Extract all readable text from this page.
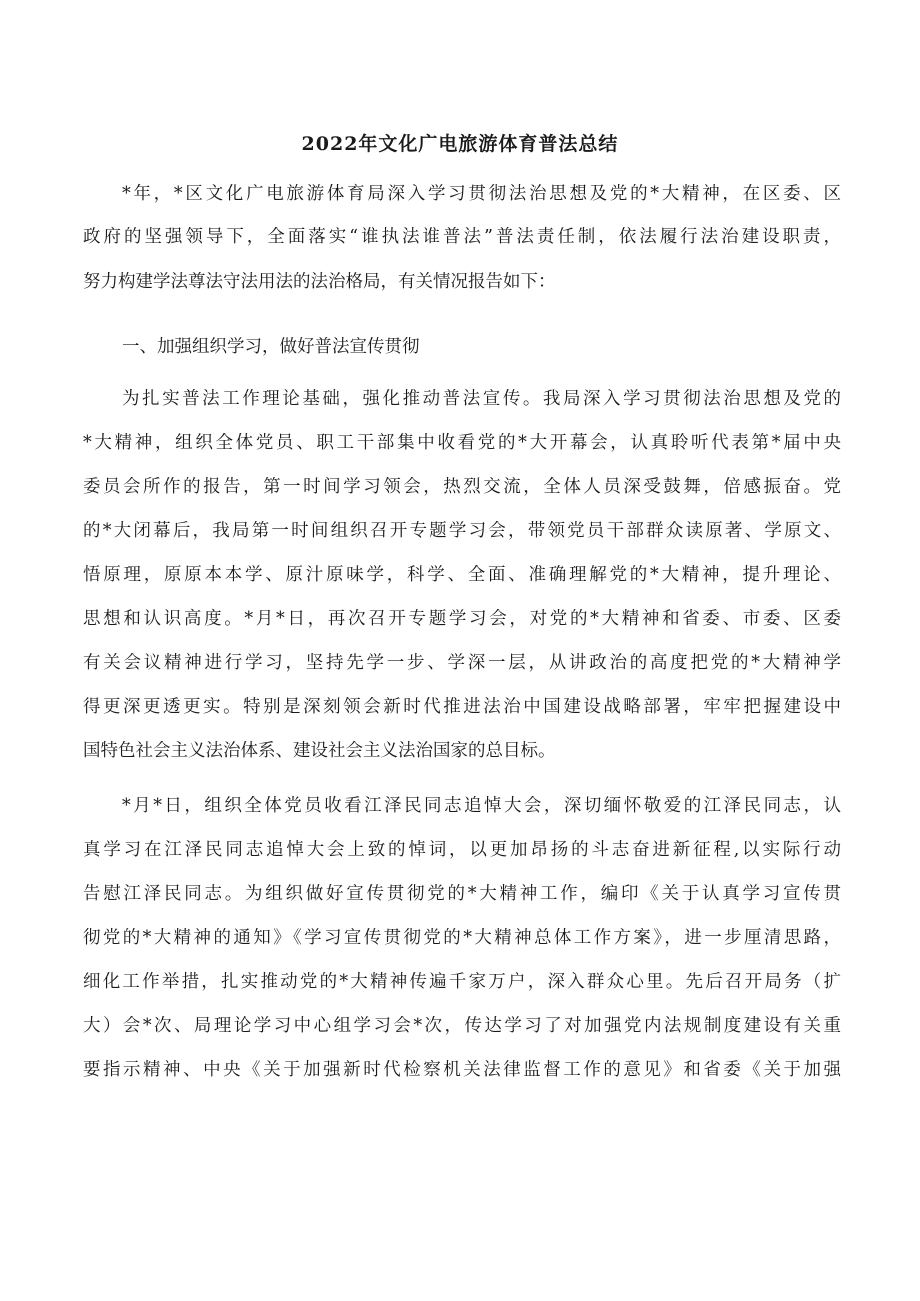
2022年文化广电旅游体育普法总结
*年，*区文化广电旅游体育局深入学习贯彻法治思想及党的*大精神，在区委、区
政府的坚强领导下，全面落实“谁执法谁普法”普法责任制，依法履行法治建设职责，
努力构建学法尊法守法用法的法治格局，有关情况报告如下：
一、加强组织学习，做好普法宣传贯彻
为扎实普法工作理论基础，强化推动普法宣传。我局深入学习贯彻法治思想及党的
*大精神，组织全体党员、职工干部集中收看党的*大开幕会，认真聆听代表第*届中央
委员会所作的报告，第一时间学习领会，热烈交流，全体人员深受鼓舞，倍感振奋。党
的*大闭幕后，我局第一时间组织召开专题学习会，带领党员干部群众读原著、学原文、
悟原理，原原本本学、原汁原味学，科学、全面、准确理解党的*大精神，提升理论、
思想和认识高度。*月*日，再次召开专题学习会，对党的*大精神和省委、市委、区委
有关会议精神进行学习，坚持先学一步、学深一层，从讲政治的高度把党的*大精神学
得更深更透更实。特别是深刻领会新时代推进法治中国建设战略部署，牢牢把握建设中
国特色社会主义法治体系、建设社会主义法治国家的总目标。
*月*日，组织全体党员收看江泽民同志追悼大会，深切缅怀敬爱的江泽民同志，认
真学习在江泽民同志追悼大会上致的悼词，以更加昂扬的斗志奋进新征程,以实际行动
告慰江泽民同志。为组织做好宣传贯彻党的*大精神工作，编印《关于认真学习宣传贯
彻党的*大精神的通知》《学习宣传贯彻党的*大精神总体工作方案》，进一步厘清思路，
细化工作举措，扎实推动党的*大精神传遍千家万户，深入群众心里。先后召开局务（扩
大）会*次、局理论学习中心组学习会*次，传达学习了对加强党内法规制度建设有关重
要指示精神、中央《关于加强新时代检察机关法律监督工作的意见》和省委《关于加强
